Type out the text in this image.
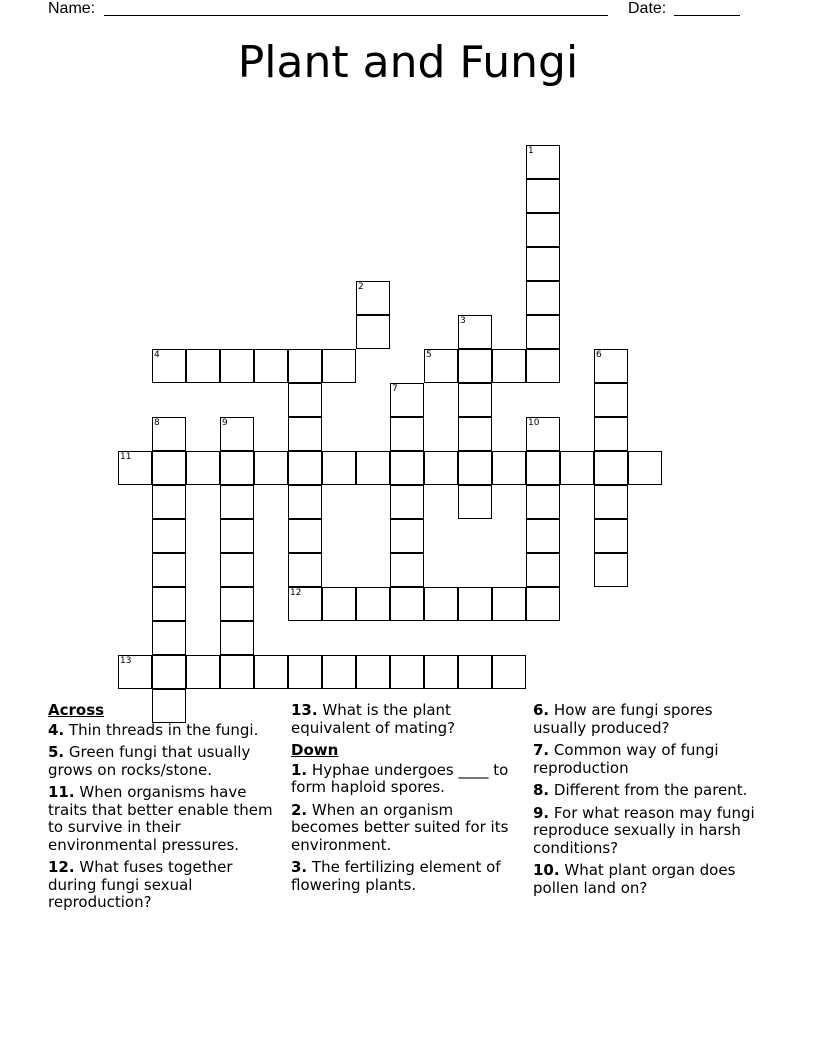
Name:	Date:
Plant and Fungi
1
2
3
4	5	6
7
8	9	10
11
12
13
Across
4. Thin threads in the fungi.
5. Green fungi that usually grows on rocks/stone.
11. When organisms have traits that better enable them to survive in their environmental pressures.
12. What fuses together during fungi sexual reproduction?
13. What is the plant equivalent of mating?
Down
1. Hyphae undergoes ____ to form haploid spores.
2. When an organism becomes better suited for its environment.
3. The fertilizing element of flowering plants.
6. How are fungi spores usually produced?
7. Common way of fungi reproduction
8. Different from the parent.
9. For what reason may fungi reproduce sexually in harsh conditions?
10. What plant organ does pollen land on?
